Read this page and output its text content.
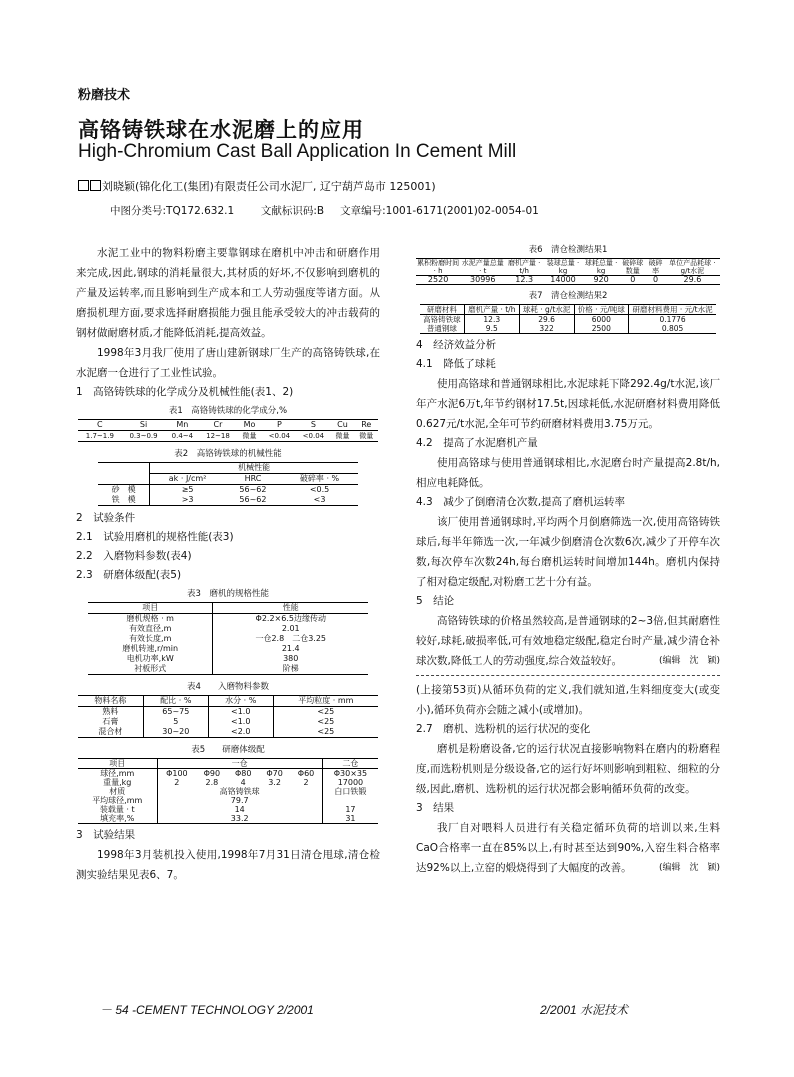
粉磨技术
高铬铸铁球在水泥磨上的应用
High-Chromium Cast Ball Application In Cement Mill
刘晓颖(锦化化工(集团)有限责任公司水泥厂, 辽宁葫芦岛市 125001)
中图分类号:TQ172.632.1	文献标识码:B 文章编号:1001-6171(2001)02-0054-01

水泥工业中的物料粉磨主要靠钢球在磨机中冲击和研磨作用来完成,因此,钢球的消耗量很大,其材质的好坏,不仅影响到磨机的产量及运转率,而且影响到生产成本和工人劳动强度等诸方面。从磨损机理方面,要求选择耐磨损能力强且能承受较大的冲击载荷的钢材做耐磨材质,才能降低消耗,提高效益。

1998年3月我厂使用了唐山建新钢球厂生产的高铬铸铁球,在水泥磨一仓进行了工业性试验。

1　高铬铸铁球的化学成分及机械性能(表1、2)
表1　高铬铸铁球的化学成分,%
C	Si	Mn	Cr	Mo	P	S	Cu	Re
1.7~1.9	0.3~0.9	0.4~4	12~18	微量	<0.04	<0.04	微量	微量
表2　高铬铸铁球的机械性能
	机械性能		
	ak · J/cm²	HRC	破碎率 · %
砂　模	≥5	56~62	<0.5
铁　模	>3	56~62	<3
2　试验条件
2.1　试验用磨机的规格性能(表3)
2.2　入磨物料参数(表4)
2.3　研磨体级配(表5)
表3　磨机的规格性能
项目	性能
磨机规格 · m	Φ2.2×6.5边缘传动
有效直径,m	2.01
有效长度,m	一仓2.8　二仓3.25
磨机转速,r/min	21.4
电机功率,kW	380
衬板形式	阶梯
表4　　入磨物料参数
物料名称	配比 · %	水分 · %	平均粒度 · mm
熟料	65~75	<1.0	<25
石膏	5	<1.0	<25
混合材	30~20	<2.0	<25
表5　　研磨体级配
项目	一仓					二仓
球径,mm	Φ100	Φ90	Φ80	Φ70	Φ60	Φ30×35
重量,kg	2	2.8	4	3.2	2	17000
材质	高铬铸铁球					白口铁锻
平均球径,mm	79.7					
装载量 · t	14					17
填充率,%	33.2					31
3　试验结果

1998年3月装机投入使用,1998年7月31日清仓甩球,清仓检测实验结果见表6、7。

表6　清仓检测结果1
累积粉磨时间 · h	水泥产量总量 · t	磨机产量 · t/h	装球总量 · kg	球耗总量 · kg	破碎球数量	破碎率	单位产品耗球 · g/t水泥
2520	30996	12.3	14000	920	0	0	29.6
表7　清仓检测结果2
研磨材料	磨机产量 · t/h	球耗 · g/t水泥	价格 · 元/吨球	研磨材料费用 · 元/t水泥
高铬铸铁球	12.3	29.6	6000	0.1776
普通钢球	9.5	322	2500	0.805
4　经济效益分析
4.1　降低了球耗

使用高铬球和普通钢球相比,水泥球耗下降292.4g/t水泥,该厂年产水泥6万t,年节约钢材17.5t,因球耗低,水泥研磨材料费用降低0.627元/t水泥,全年可节约研磨材料费用3.75万元。

4.2　提高了水泥磨机产量

使用高铬球与使用普通钢球相比,水泥磨台时产量提高2.8t/h,相应电耗降低。

4.3　减少了倒磨清仓次数,提高了磨机运转率

该厂使用普通钢球时,平均两个月倒磨筛选一次,使用高铬铸铁球后,每半年筛选一次,一年减少倒磨清仓次数6次,减少了开停车次数,每次停车次数24h,每台磨机运转时间增加144h。磨机内保持了相对稳定级配,对粉磨工艺十分有益。

5　结论

高铬铸铁球的价格虽然较高,是普通钢球的2~3倍,但其耐磨性较好,球耗,破损率低,可有效地稳定级配,稳定台时产量,减少清仓补球次数,降低工人的劳动强度,综合效益较好。	(编辑　沈　颖)

(上接第53页)从循环负荷的定义,我们就知道,生料细度变大(或变小),循环负荷亦会随之减小(或增加)。

2.7　磨机、选粉机的运行状况的变化

磨机是粉磨设备,它的运行状况直接影响物料在磨内的粉磨程度,而选粉机则是分级设备,它的运行好坏则影响到粗粒、细粒的分级,因此,磨机、选粉机的运行状况都会影响循环负荷的改变。

3　结果

我厂自对喂料人员进行有关稳定循环负荷的培训以来,生料CaO合格率一直在85%以上,有时甚至达到90%,入窑生料合格率达92%以上,立窑的煅烧得到了大幅度的改善。	(编辑　沈　颖)

－ 54 -CEMENT TECHNOLOGY 2/2001	2/2001 水泥技术
